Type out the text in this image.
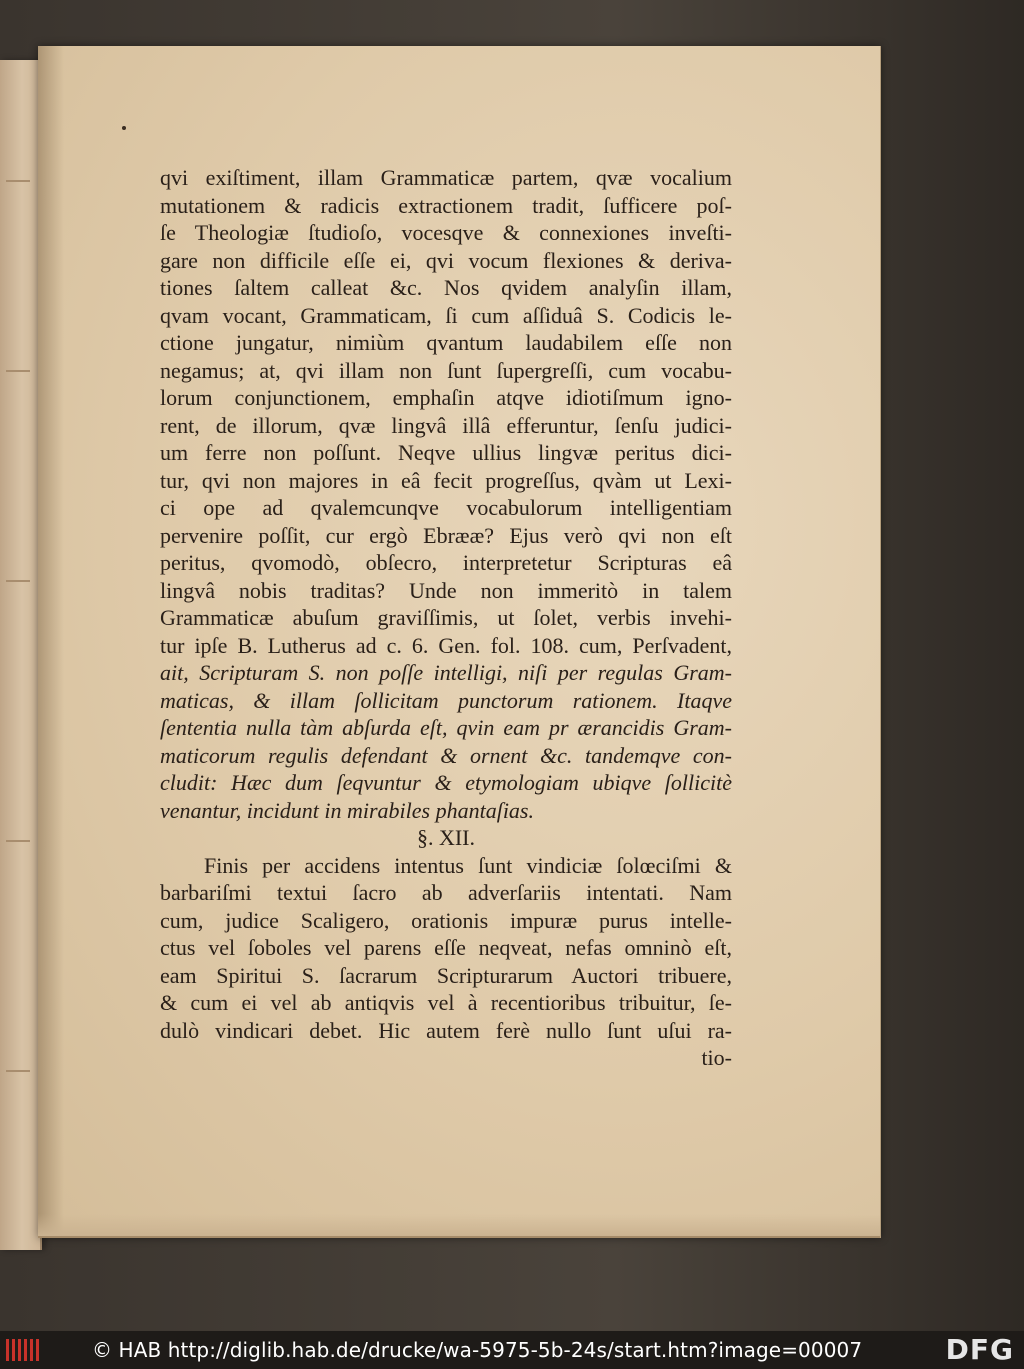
qvi exiſtiment, illam Grammaticæ partem, qvæ vocalium
mutationem & radicis extractionem tradit, ſufficere poſ-
ſe Theologiæ ſtudioſo, vocesqve & connexiones inveſti-
gare non difficile eſſe ei, qvi vocum flexiones & deriva-
tiones ſaltem calleat &c. Nos qvidem analyſin illam,
qvam vocant, Grammaticam, ſi cum aſſiduâ S. Codicis le-
ctione jungatur, nimiùm qvantum laudabilem eſſe non
negamus; at, qvi illam non ſunt ſupergreſſi, cum vocabu-
lorum conjunctionem, emphaſin atqve idiotiſmum igno-
rent, de illorum, qvæ lingvâ illâ efferuntur, ſenſu judici-
um ferre non poſſunt. Neqve ullius lingvæ peritus dici-
tur, qvi non majores in eâ fecit progreſſus, qvàm ut Lexi-
ci ope ad qvalemcunqve vocabulorum intelligentiam
pervenire poſſit, cur ergò Ebrææ? Ejus verò qvi non eſt
peritus, qvomodò, obſecro, interpretetur Scripturas eâ
lingvâ nobis traditas? Unde non immeritò in talem
Grammaticæ abuſum graviſſimis, ut ſolet, verbis invehi-
tur ipſe B. Lutherus ad c. 6. Gen. fol. 108. cum, Perſvadent,
ait, Scripturam S. non poſſe intelligi, niſi per regulas Gram-
maticas, & illam ſollicitam punctorum rationem. Itaqve
ſententia nulla tàm abſurda eſt, qvin eam pr ærancidis Gram-
maticorum regulis defendant & ornent &c. tandemqve con-
cludit: Hæc dum ſeqvuntur & etymologiam ubiqve ſollicitè
venantur, incidunt in mirabiles phantaſias.
§. XII.
Finis per accidens intentus ſunt vindiciæ ſolœciſmi &
barbariſmi textui ſacro ab adverſariis intentati. Nam
cum, judice Scaligero, orationis impuræ purus intelle-
ctus vel ſoboles vel parens eſſe neqveat, nefas omninò eſt,
eam Spiritui S. ſacrarum Scripturarum Auctori tribuere,
& cum ei vel ab antiqvis vel à recentioribus tribuitur, ſe-
dulò vindicari debet. Hic autem ferè nullo ſunt uſui ra-
tio-
© HAB http://diglib.hab.de/drucke/wa-5975-5b-24s/start.htm?image=00007	DFG
